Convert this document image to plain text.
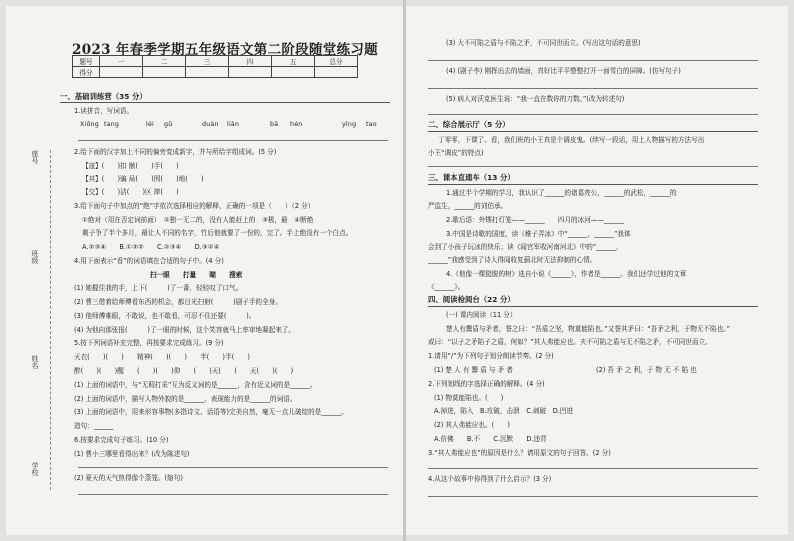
学校
姓名
班级
座号
2023 年春季学期五年级语文第二阶段随堂练习题
题号	一	二	三	四	五	总分
得分						
一、基础训练营（35 分）
1.读拼音，写词语。
Xiōng tang	léi gǔ	duàn liàn	bā hén	yīng tao
2.给下面的汉字加上不同的偏旁变成新字，并与所给字组成词。(5 分)
【寇】(　　)扣 骸(　　)手(　　)
【其】(　　)骗 局(　　)围(　　)地(　　)
【交】(　　)洁(　　)区 摔(　　)
3.给下面句子中加点的“绝”字依次选择相应的解释，正确的一项是（　　）（2 分）
①绝对（用在否定词前面）　②独一无二的，没有人能赶上的　③极，最　④断绝
剩子争了半个多月，最让人不同的名字，竹后他就要了一份的，完了。手上绝没有一个白点。
A.②③④　　B.①③②　　C.②③④　　D.③②④
4.用下面表示“看”的词语填在合适的句子中。(4 分)
扫一眼　　打量　　瞄　　搜索
(1) 她握住我的手，上下(　　　)了一番，轻轻叹了口气。
(2) 曹三借着给师傅看东西的机会，都目光扫射(　　　)剧子手的全身。
(3) 他师傅难眼，不敢说，也不敢看，可忍不住还要(　　　)。
(4) 为他向那张报(　　　)了一眼的时候，这个笑容就马上率审地凝起来了。
5.按下列词语补充完整，再按要求完成练习。(9 分)
天衣(　　)(　　)　　精神(　　)(　　)　　半(　　)半(　　)
醉(　　)(　　)醒　　(　　)(　　)仰　　(　　)天(　　)　　天(　　)(　　)
(1) 上面的词语中，与“无瑕打采”互为反义词的是______，含有近义词的是______。
(2) 上面的词语中，描写人物外貌的是______，表现能力的是______的词语。
(3) 上面的词语中，用来形容事物(多指诗文、话语等)完美自然，毫无一点儿破绽的是______。
造句：______
6.按要求完成句子练习。(10 分)
(1) 曹小三哪里看得出来？(改为陈述句)
(2) 夏天的天气热得像个蒸笼。(缩句)
(3) 大不可陷之盾与不陷之矛，不可同世而立。(写出这句话的意思)
(4) (剧子李) 刚挥出去的墙面，真好比平平整整打开一面雪白的屏障。(仿写句子)
(5) 病人对沃克医生说：“我一直在数你的刀数。”(改为转述句)
二、综合展示厅（5 分）
丁零零，下课了。看，我们班的小王真是个调皮鬼。(续写一段话，用上人物描写的方法写出
小王“调皮”的特点)
三、课本直通车（13 分）
1.通过半个学期的学习，我认识了______的诸葛亮公，______的武松，______的
严监生，______的刘伯承。
2.歌后语：外甥打灯笼——______　　四月的冰河——______
3.中国是诗歌的国度，读《稚子弄冰》中“______，______”我体
会到了小孩子玩冰的快乐；读《闻官军收河南河北》中的“______，
______”我感受到了诗人得闻收复蓟北时无法抑制的心情。
4.《他像一棵挺脱的树》选自小说《______》，作者是______。我们还学过他的文章
《______》。
四、阅读检阅台（22 分）
(一) 课内阅读（11 分）
楚人有鬻盾与矛者，誉之曰：“吾盾之坚，物莫能陷也。”又誉其矛曰：“吾矛之利，于物无不陷也。”
或曰：“以子之矛陷子之盾，何如？”其人弗能应也。夫不可陷之盾与无不陷之矛，不可同世而立。
1.请用“/”为下列句子划分朗读节奏。(2 分)
(1) 楚 人 有 鬻 盾 与 矛 者	(2) 吾 矛 之 利，于 物 无 不 陷 也
2.下列划线的字选择正确的解释。(4 分)
(1) 物莫能陷也。(　　)
A.掉进，陷入　B.攻破，击溃　C.刺破　D.凹进
(2) 其人弗能应也。(　　)
A.仿佛　　B.不　　C.沉默　　D.违背
3.“其人弗能应也”的原因是什么？请用原文的句子回答。(2 分)
4.从这个故事中你得到了什么启示？(3 分)
